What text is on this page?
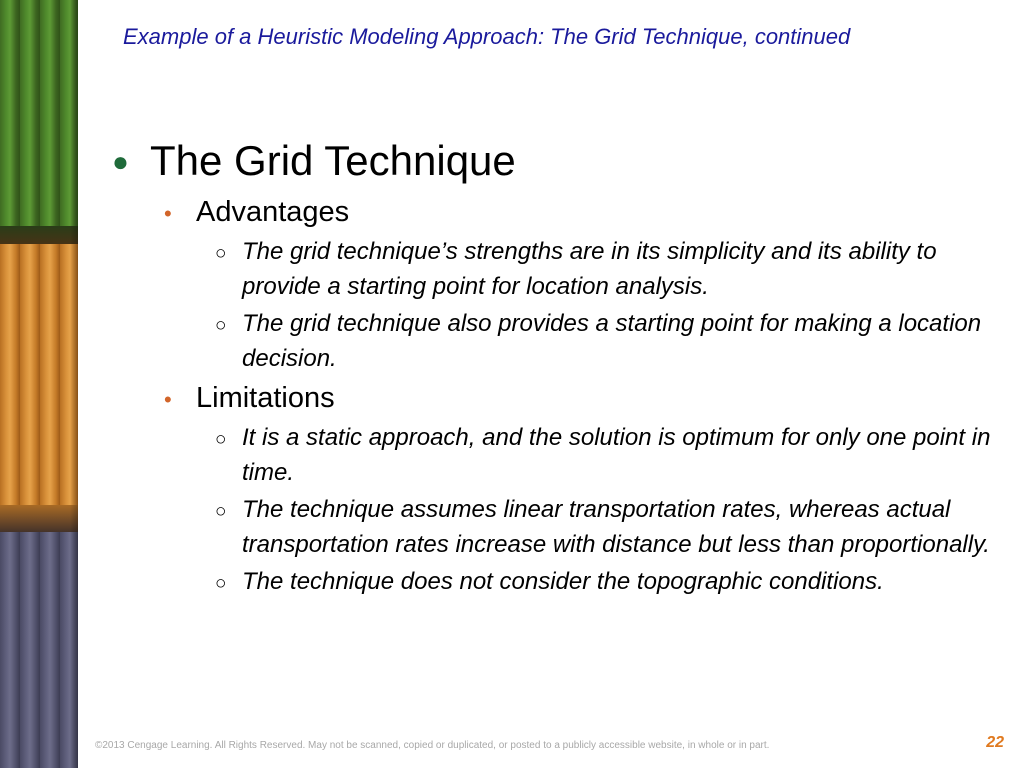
Example of a Heuristic Modeling Approach: The Grid Technique, continued
● The Grid Technique
• Advantages
○ The grid technique’s strengths are in its simplicity and its ability to provide a starting point for location analysis.
○ The grid technique also provides a starting point for making a location decision.
• Limitations
○ It is a static approach, and the solution is optimum for only one point in time.
○ The technique assumes linear transportation rates, whereas actual transportation rates increase with distance but less than proportionally.
○ The technique does not consider the topographic conditions.
©2013 Cengage Learning. All Rights Reserved. May not be scanned, copied or duplicated, or posted to a publicly accessible website, in whole or in part.	22
